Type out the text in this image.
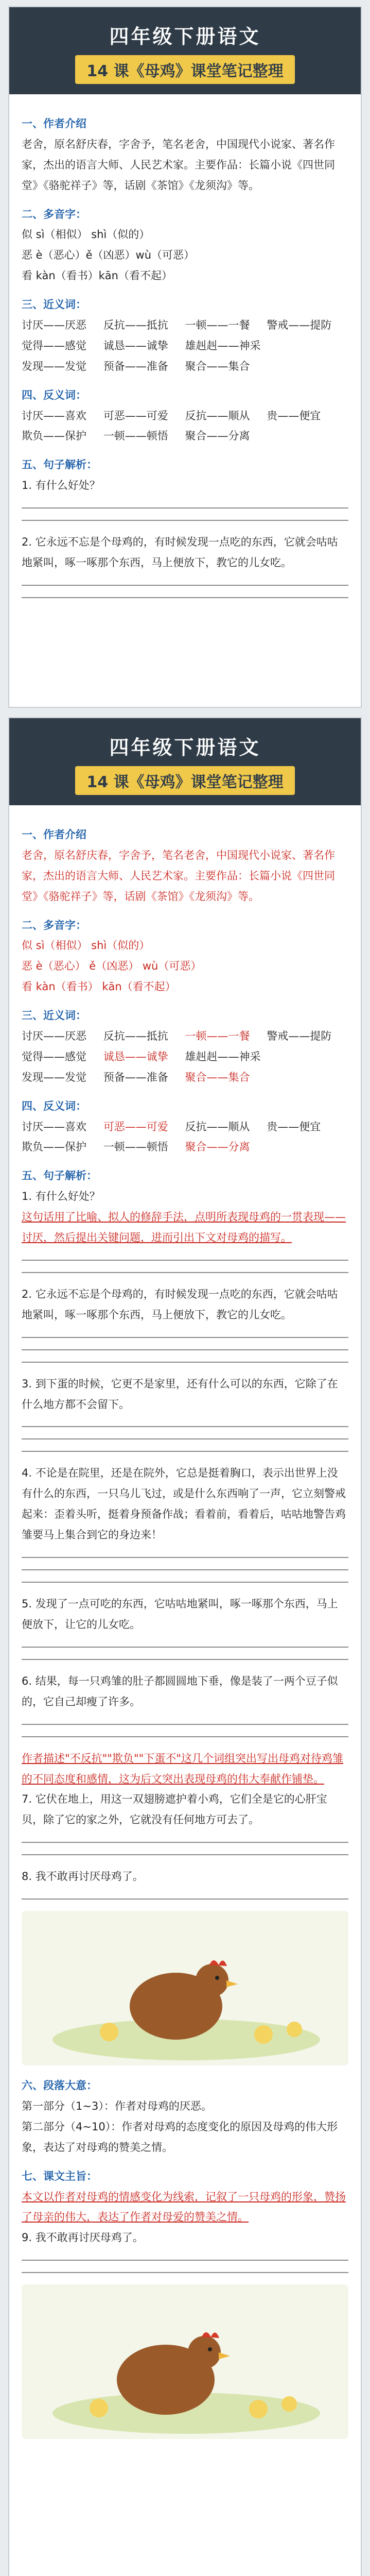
四年级下册语文
14 课《母鸡》课堂笔记整理
一、作者介绍

老舍，原名舒庆春，字舍予，笔名老舍，中国现代小说家、著名作家，杰出的语言大师、人民艺术家。主要作品：长篇小说《四世同堂》《骆驼祥子》等，话剧《茶馆》《龙须沟》等。

二、多音字：

似 sì（相似） shì（似的）

恶 è（恶心）ě（凶恶）wù（可恶）

看 kàn（看书）kān（看不起）

三、近义词：
讨厌——厌恶	反抗——抵抗	一顿——一餐	警戒——提防
觉得——感觉	诚恳——诚挚	雄赳赳——神采
发现——发觉	预备——准备	聚合——集合
四、反义词：
讨厌——喜欢	可恶——可爱	反抗——顺从	贵——便宜
欺负——保护	一顿——顿悟	聚合——分离
五、句子解析：

1. 有什么好处？

2. 它永远不忘是个母鸡的，有时候发现一点吃的东西，它就会咕咕地紧叫，啄一啄那个东西，马上便放下，教它的儿女吃。

四年级下册语文
14 课《母鸡》课堂笔记整理
一、作者介绍

老舍，原名舒庆春，字舍予，笔名老舍，中国现代小说家、著名作家，杰出的语言大师、人民艺术家。主要作品：长篇小说《四世同堂》《骆驼祥子》等，话剧《茶馆》《龙须沟》等。

二、多音字：

似 sì（相似） shì（似的）

恶 è（恶心） ě（凶恶） wù（可恶）

看 kàn（看书） kān（看不起）

三、近义词：
讨厌——厌恶	反抗——抵抗	一顿——一餐	警戒——提防
觉得——感觉	诚恳——诚挚	雄赳赳——神采
发现——发觉	预备——准备	聚合——集合
四、反义词：
讨厌——喜欢	可恶——可爱	反抗——顺从	贵——便宜
欺负——保护	一顿——顿悟	聚合——分离
五、句子解析：

1. 有什么好处？

这句话用了比喻、拟人的修辞手法，点明所表现母鸡的一贯表现——讨厌，然后提出关键问题，进而引出下文对母鸡的描写。

2. 它永远不忘是个母鸡的，有时候发现一点吃的东西，它就会咕咕地紧叫，啄一啄那个东西，马上便放下，教它的儿女吃。

3. 到下蛋的时候，它更不是家里，还有什么可以的东西，它除了在什么地方都不会留下。

4. 不论是在院里，还是在院外，它总是挺着胸口，表示出世界上没有什么的东西，一只乌儿飞过，或是什么东西响了一声，它立刻警戒起来：歪着头听，挺着身预备作战；看着前，看着后，咕咕地警告鸡雏要马上集合到它的身边来！

5. 发现了一点可吃的东西，它咕咕地紧叫，啄一啄那个东西，马上便放下，让它的儿女吃。

6. 结果，每一只鸡雏的肚子都圆圆地下垂，像是装了一两个豆子似的，它自己却瘦了许多。

作者描述"不反抗""欺负""下蛋不"这几个词组突出写出母鸡对待鸡雏的不同态度和感情，这为后文突出表现母鸡的伟大奉献作铺垫。

7. 它伏在地上，用这一双翅膀遮护着小鸡，它们全是它的心肝宝贝，除了它的家之外，它就没有任何地方可去了。

8. 我不敢再讨厌母鸡了。

六、段落大意：

第一部分（1~3）：作者对母鸡的厌恶。

第二部分（4~10）：作者对母鸡的态度变化的原因及母鸡的伟大形象，表达了对母鸡的赞美之情。

七、课文主旨：

本文以作者对母鸡的情感变化为线索，记叙了一只母鸡的形象，赞扬了母亲的伟大，表达了作者对母爱的赞美之情。

9. 我不敢再讨厌母鸡了。
